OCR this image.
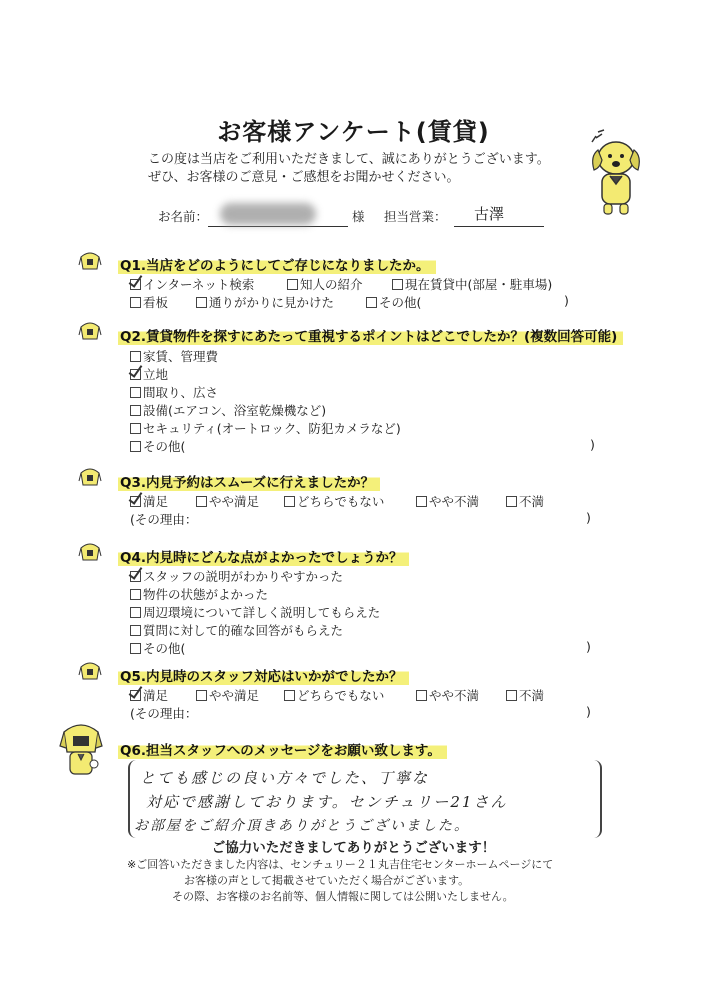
お客様アンケート(賃貸)
この度は当店をご利用いただきまして、誠にありがとうございます。
ぜひ、お客様のご意見・ご感想をお聞かせください。
お名前：	様 担当営業： 古澤
Q1.当店をどのようにしてご存じになりましたか。
インターネット検索	知人の紹介	現在賃貸中(部屋・駐車場)
看板	通りがかりに見かけた	その他(	)
Q2.賃貸物件を探すにあたって重視するポイントはどこでしたか？(複数回答可能)
家賃、管理費
立地
間取り、広さ
設備(エアコン、浴室乾燥機など)
セキュリティ(オートロック、防犯カメラなど)
その他(	)
Q3.内見予約はスムーズに行えましたか？
満足	やや満足	どちらでもない	やや不満	不満
(その理由：	)
Q4.内見時にどんな点がよかったでしょうか？
スタッフの説明がわかりやすかった
物件の状態がよかった
周辺環境について詳しく説明してもらえた
質問に対して的確な回答がもらえた
その他(	)
Q5.内見時のスタッフ対応はいかがでしたか？
満足	やや満足	どちらでもない	やや不満	不満
(その理由：	)
Q6.担当スタッフへのメッセージをお願い致します。
とても感じの良い方々でした、丁寧な
対応で感謝しております。センチュリー21さん
お部屋をご紹介頂きありがとうございました。
ご協力いただきましてありがとうございます！
※ご回答いただきました内容は、センチュリー２１丸吉住宅センターホームページにて
お客様の声として掲載させていただく場合がございます。
その際、お客様のお名前等、個人情報に関しては公開いたしません。
